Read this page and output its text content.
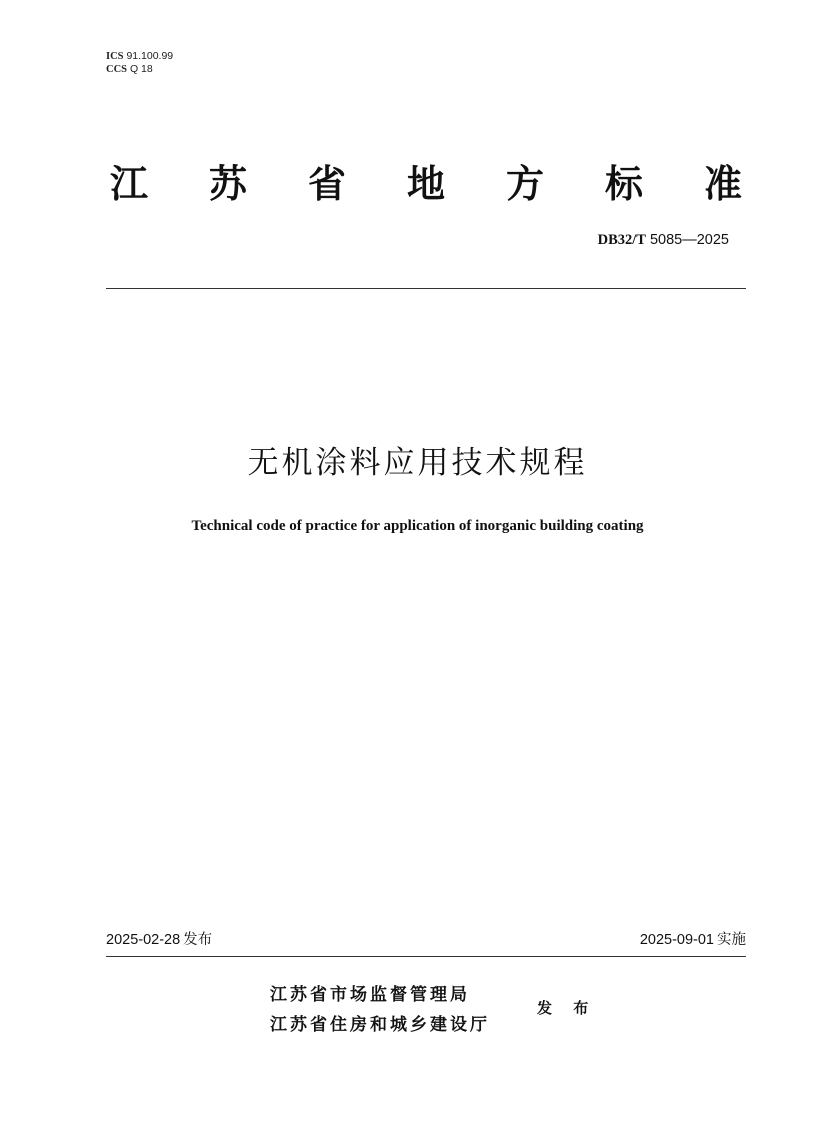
ICS 91.100.99
CCS Q 18
江 苏 省 地 方 标 准
DB32/T 5085—2025
无机涂料应用技术规程
Technical code of practice for application of inorganic building coating
2025-02-28 发布	2025-09-01 实施
江苏省市场监督管理局
江苏省住房和城乡建设厅
发 布
